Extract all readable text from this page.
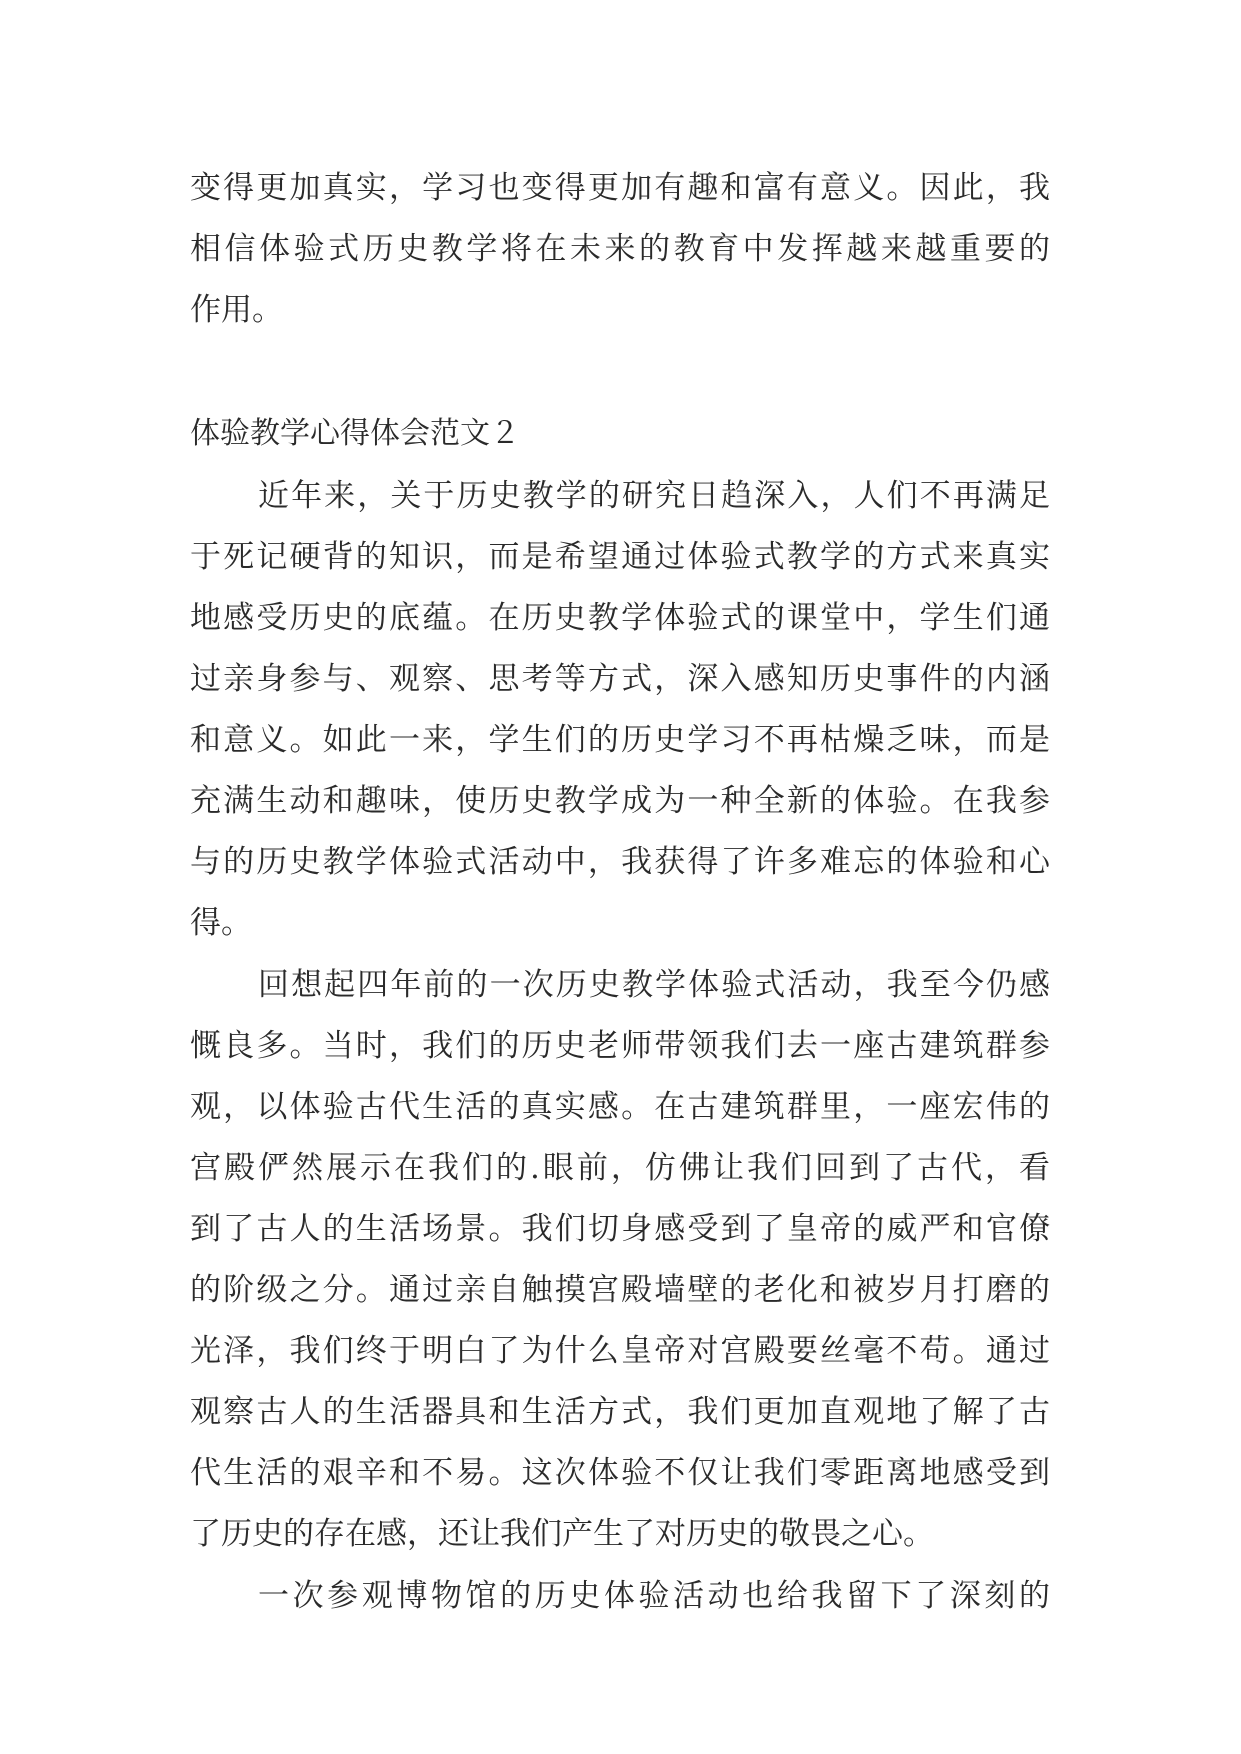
变得更加真实，学习也变得更加有趣和富有意义。因此，我
相信体验式历史教学将在未来的教育中发挥越来越重要的
作用。
体验教学心得体会范文２
近年来，关于历史教学的研究日趋深入，人们不再满足
于死记硬背的知识，而是希望通过体验式教学的方式来真实
地感受历史的底蕴。在历史教学体验式的课堂中，学生们通
过亲身参与、观察、思考等方式，深入感知历史事件的内涵
和意义。如此一来，学生们的历史学习不再枯燥乏味，而是
充满生动和趣味，使历史教学成为一种全新的体验。在我参
与的历史教学体验式活动中，我获得了许多难忘的体验和心
得。
回想起四年前的一次历史教学体验式活动，我至今仍感
慨良多。当时，我们的历史老师带领我们去一座古建筑群参
观，以体验古代生活的真实感。在古建筑群里，一座宏伟的
宫殿俨然展示在我们的.眼前，仿佛让我们回到了古代，看
到了古人的生活场景。我们切身感受到了皇帝的威严和官僚
的阶级之分。通过亲自触摸宫殿墙壁的老化和被岁月打磨的
光泽，我们终于明白了为什么皇帝对宫殿要丝毫不苟。通过
观察古人的生活器具和生活方式，我们更加直观地了解了古
代生活的艰辛和不易。这次体验不仅让我们零距离地感受到
了历史的存在感，还让我们产生了对历史的敬畏之心。
一次参观博物馆的历史体验活动也给我留下了深刻的
